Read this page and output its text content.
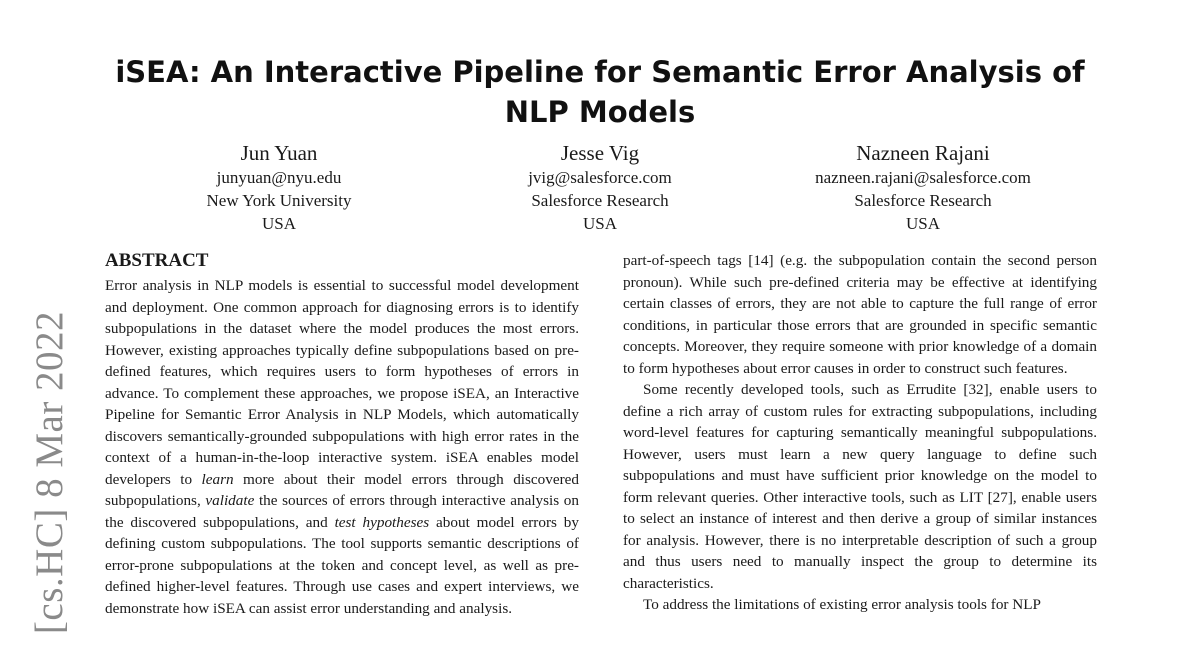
[cs.HC] 8 Mar 2022
iSEA: An Interactive Pipeline for Semantic Error Analysis of NLP Models
Jun Yuan
junyuan@nyu.edu
New York University
USA
Jesse Vig
jvig@salesforce.com
Salesforce Research
USA
Nazneen Rajani
nazneen.rajani@salesforce.com
Salesforce Research
USA
ABSTRACT

Error analysis in NLP models is essential to successful model development and deployment. One common approach for diagnosing errors is to identify subpopulations in the dataset where the model produces the most errors. However, existing approaches typically define subpopulations based on pre-defined features, which requires users to form hypotheses of errors in advance. To complement these approaches, we propose iSEA, an Interactive Pipeline for Semantic Error Analysis in NLP Models, which automatically discovers semantically-grounded subpopulations with high error rates in the context of a human-in-the-loop interactive system. iSEA enables model developers to learn more about their model errors through discovered subpopulations, validate the sources of errors through interactive analysis on the discovered subpopulations, and test hypotheses about model errors by defining custom subpopulations. The tool supports semantic descriptions of error-prone subpopulations at the token and concept level, as well as pre-defined higher-level features. Through use cases and expert interviews, we demonstrate how iSEA can assist error understanding and analysis.

part-of-speech tags [14] (e.g. the subpopulation contain the second person pronoun). While such pre-defined criteria may be effective at identifying certain classes of errors, they are not able to capture the full range of error conditions, in particular those errors that are grounded in specific semantic concepts. Moreover, they require someone with prior knowledge of a domain to form hypotheses about error causes in order to construct such features.

Some recently developed tools, such as Errudite [32], enable users to define a rich array of custom rules for extracting subpopulations, including word-level features for capturing semantically meaningful subpopulations. However, users must learn a new query language to define such subpopulations and must have sufficient prior knowledge on the model to form relevant queries. Other interactive tools, such as LIT [27], enable users to select an instance of interest and then derive a group of similar instances for analysis. However, there is no interpretable description of such a group and thus users need to manually inspect the group to determine its characteristics.

To address the limitations of existing error analysis tools for NLP
